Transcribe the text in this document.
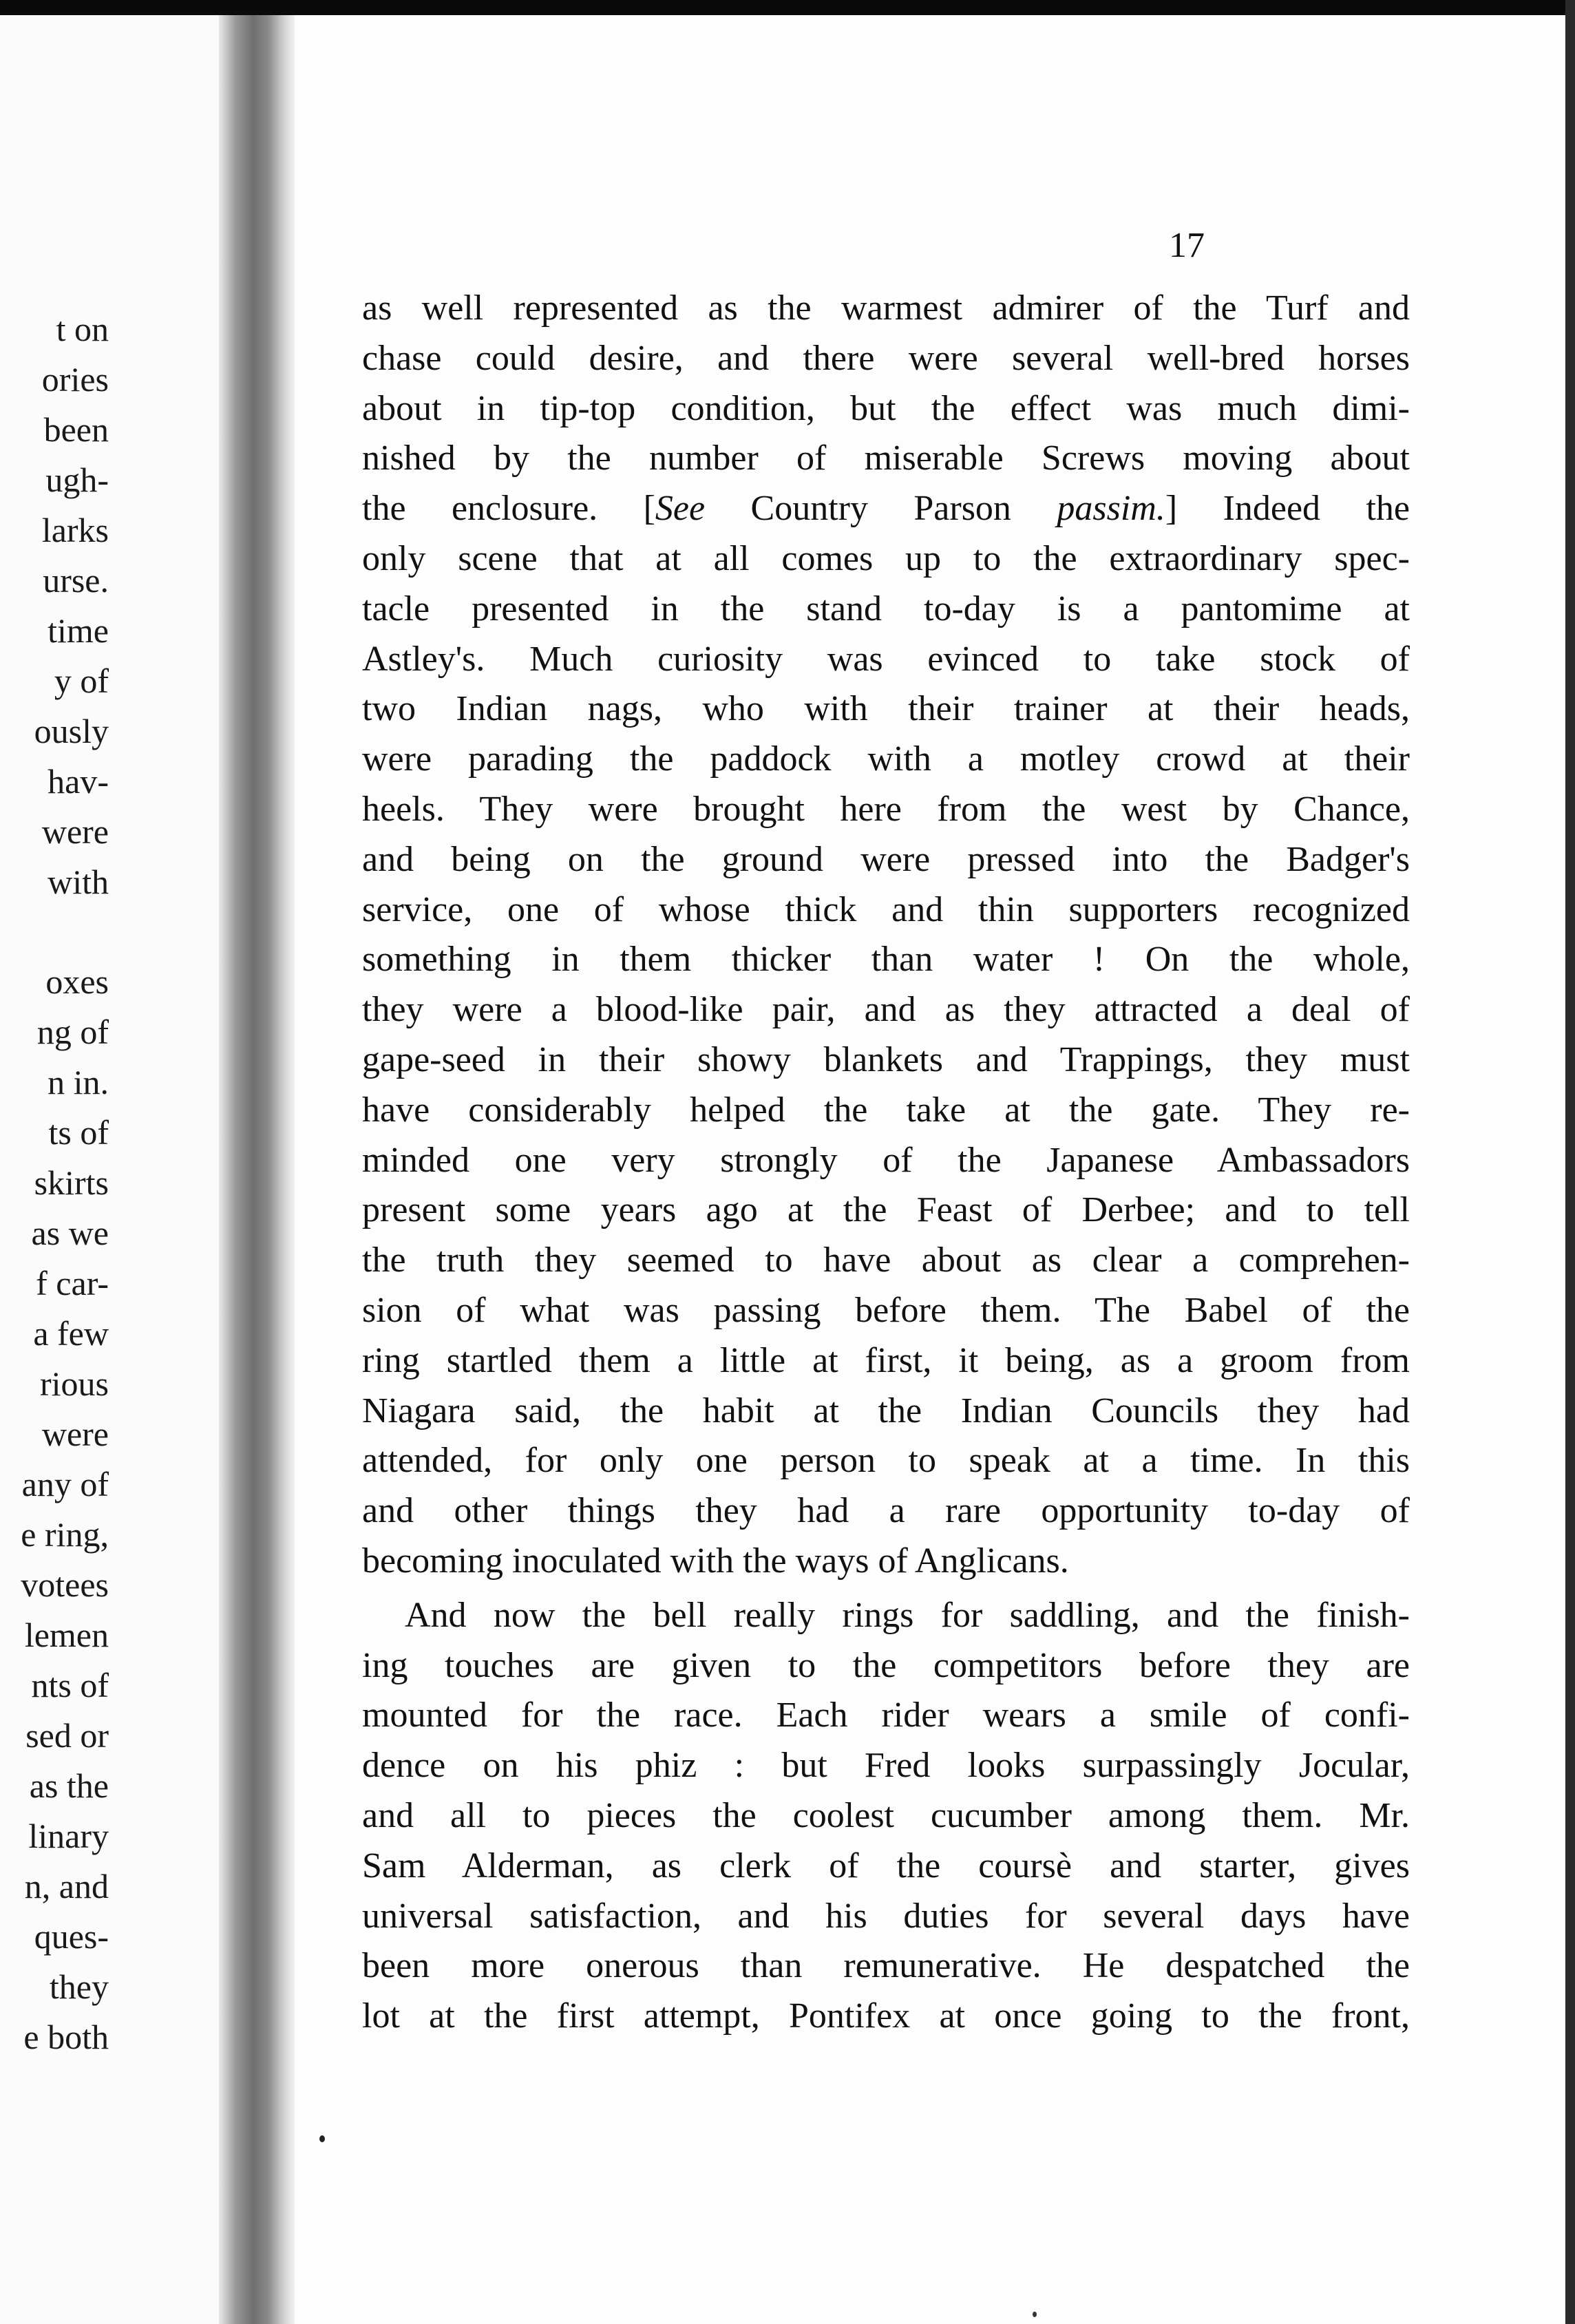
t on
ories
been
ugh-
larks
urse.
time
y of
ously
hav-
were
with
oxes
ng of
n in.
ts of
skirts
as we
f car-
a few
rious
were
any of
e ring,
votees
lemen
nts of
sed or
as the
linary
n, and
ques-
they
e both
17
as well represented as the warmest admirer of the Turf and
chase could desire, and there were several well-bred horses
about in tip-top condition, but the effect was much dimi-
nished by the number of miserable Screws moving about
the enclosure. [See Country Parson passim.] Indeed the
only scene that at all comes up to the extraordinary spec-
tacle presented in the stand to-day is a pantomime at
Astley's. Much curiosity was evinced to take stock of
two Indian nags, who with their trainer at their heads,
were parading the paddock with a motley crowd at their
heels. They were brought here from the west by Chance,
and being on the ground were pressed into the Badger's
service, one of whose thick and thin supporters recognized
something in them thicker than water ! On the whole,
they were a blood-like pair, and as they attracted a deal of
gape-seed in their showy blankets and Trappings, they must
have considerably helped the take at the gate. They re-
minded one very strongly of the Japanese Ambassadors
present some years ago at the Feast of Derbee; and to tell
the truth they seemed to have about as clear a comprehen-
sion of what was passing before them. The Babel of the
ring startled them a little at first, it being, as a groom from
Niagara said, the habit at the Indian Councils they had
attended, for only one person to speak at a time. In this
and other things they had a rare opportunity to-day of
becoming inoculated with the ways of Anglicans.
And now the bell really rings for saddling, and the finish-
ing touches are given to the competitors before they are
mounted for the race. Each rider wears a smile of confi-
dence on his phiz : but Fred looks surpassingly Jocular,
and all to pieces the coolest cucumber among them. Mr.
Sam Alderman, as clerk of the coursè and starter, gives
universal satisfaction, and his duties for several days have
been more onerous than remunerative. He despatched the
lot at the first attempt, Pontifex at once going to the front,
